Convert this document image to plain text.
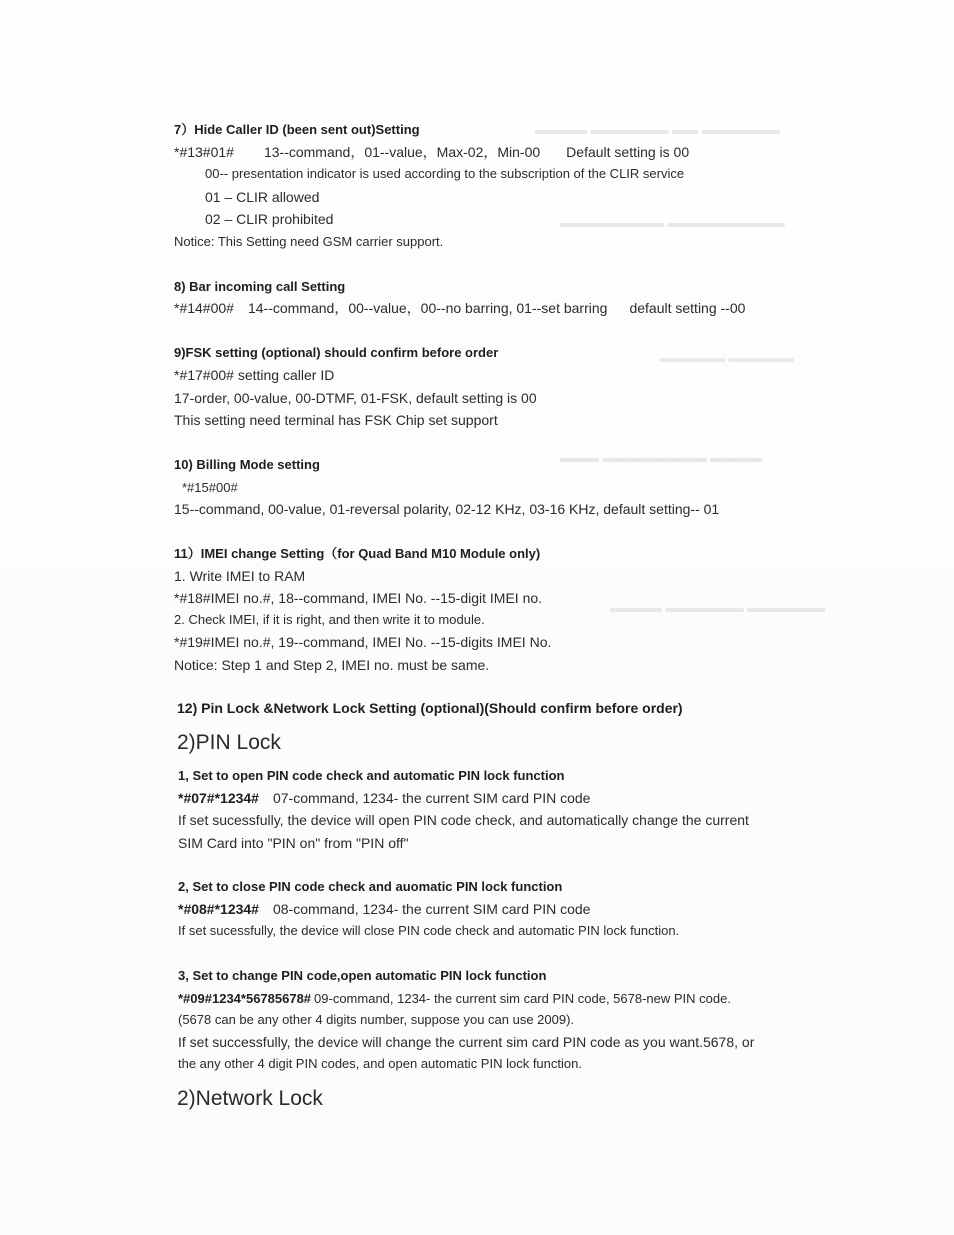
▬▬▬▬ ▬▬▬▬▬▬ ▬▬ ▬▬▬▬▬▬
▬▬▬▬▬▬▬▬ ▬▬▬▬▬▬▬▬▬
▬▬▬▬▬ ▬▬▬▬▬
▬▬▬ ▬▬▬▬▬▬▬▬ ▬▬▬▬
▬▬▬▬ ▬▬▬▬▬▬ ▬▬▬▬▬▬
7）Hide Caller ID (been sent out)Setting
*#13#01# 13--command，01--value，Max-02，Min-00 Default setting is 00
00-- presentation indicator is used according to the subscription of the CLIR service
01 – CLIR allowed
02 – CLIR prohibited
Notice: This Setting need GSM carrier support.
8) Bar incoming call Setting
*#14#00# 14--command，00--value，00--no barring, 01--set barring default setting --00
9)FSK setting (optional) should confirm before order
*#17#00# setting caller ID
17-order, 00-value, 00-DTMF, 01-FSK, default setting is 00
This setting need terminal has FSK Chip set support
10) Billing Mode setting
*#15#00#
15--command, 00-value, 01-reversal polarity, 02-12 KHz, 03-16 KHz, default setting-- 01
11）IMEI change Setting（for Quad Band M10 Module only)
1. Write IMEI to RAM
*#18#IMEI no.#, 18--command, IMEI No. --15-digit IMEI no.
2. Check IMEI, if it is right, and then write it to module.
*#19#IMEI no.#, 19--command, IMEI No. --15-digits IMEI No.
Notice: Step 1 and Step 2, IMEI no. must be same.
12) Pin Lock &Network Lock Setting (optional)(Should confirm before order)
2)PIN Lock
1, Set to open PIN code check and automatic PIN lock function
*#07#*1234# 07-command, 1234- the current SIM card PIN code
If set sucessfully, the device will open PIN code check, and automatically change the current
SIM Card into "PIN on" from "PIN off"
2, Set to close PIN code check and auomatic PIN lock function
*#08#*1234# 08-command, 1234- the current SIM card PIN code
If set sucessfully, the device will close PIN code check and automatic PIN lock function.
3, Set to change PIN code,open automatic PIN lock function
*#09#1234*56785678# 09-command, 1234- the current sim card PIN code, 5678-new PIN code.
(5678 can be any other 4 digits number, suppose you can use 2009).
If set successfully, the device will change the current sim card PIN code as you want.5678, or
the any other 4 digit PIN codes, and open automatic PIN lock function.
2)Network Lock
